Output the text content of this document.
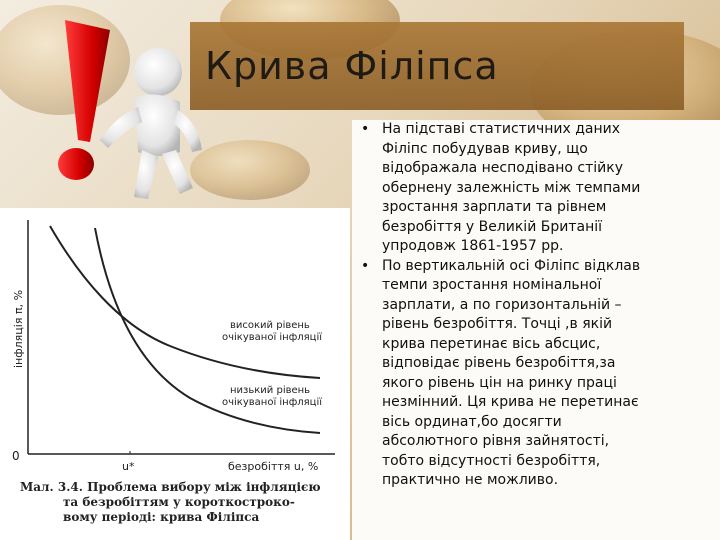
Крива Філіпса
високий рівень
очікуваної інфляції
низький рівень
очікуваної інфляції
інфляція π, %
безробіття u, %
0
u*
Мал. 3.4. Проблема вибору між інфляцією
та безробіттям у короткостроко-
вому періоді: крива Філіпса
• На підставі статистичних даних
Філіпс побудував криву, що
відображала несподівано стійку
обернену залежність між темпами
зростання зарплати та рівнем
безробіття у Великій Британії
упродовж 1861-1957 рр.
• По вертикальній осі Філіпс відклав
темпи зростання номінальної
зарплати, а по горизонтальній –
рівень безробіття. Точці ,в якій
крива перетинає вісь абсцис,
відповідає рівень безробіття,за
якого рівень цін на ринку праці
незмінний. Ця крива не перетинає
вісь ординат,бо досягти
абсолютного рівня зайнятості,
тобто відсутності безробіття,
практично не можливо.
